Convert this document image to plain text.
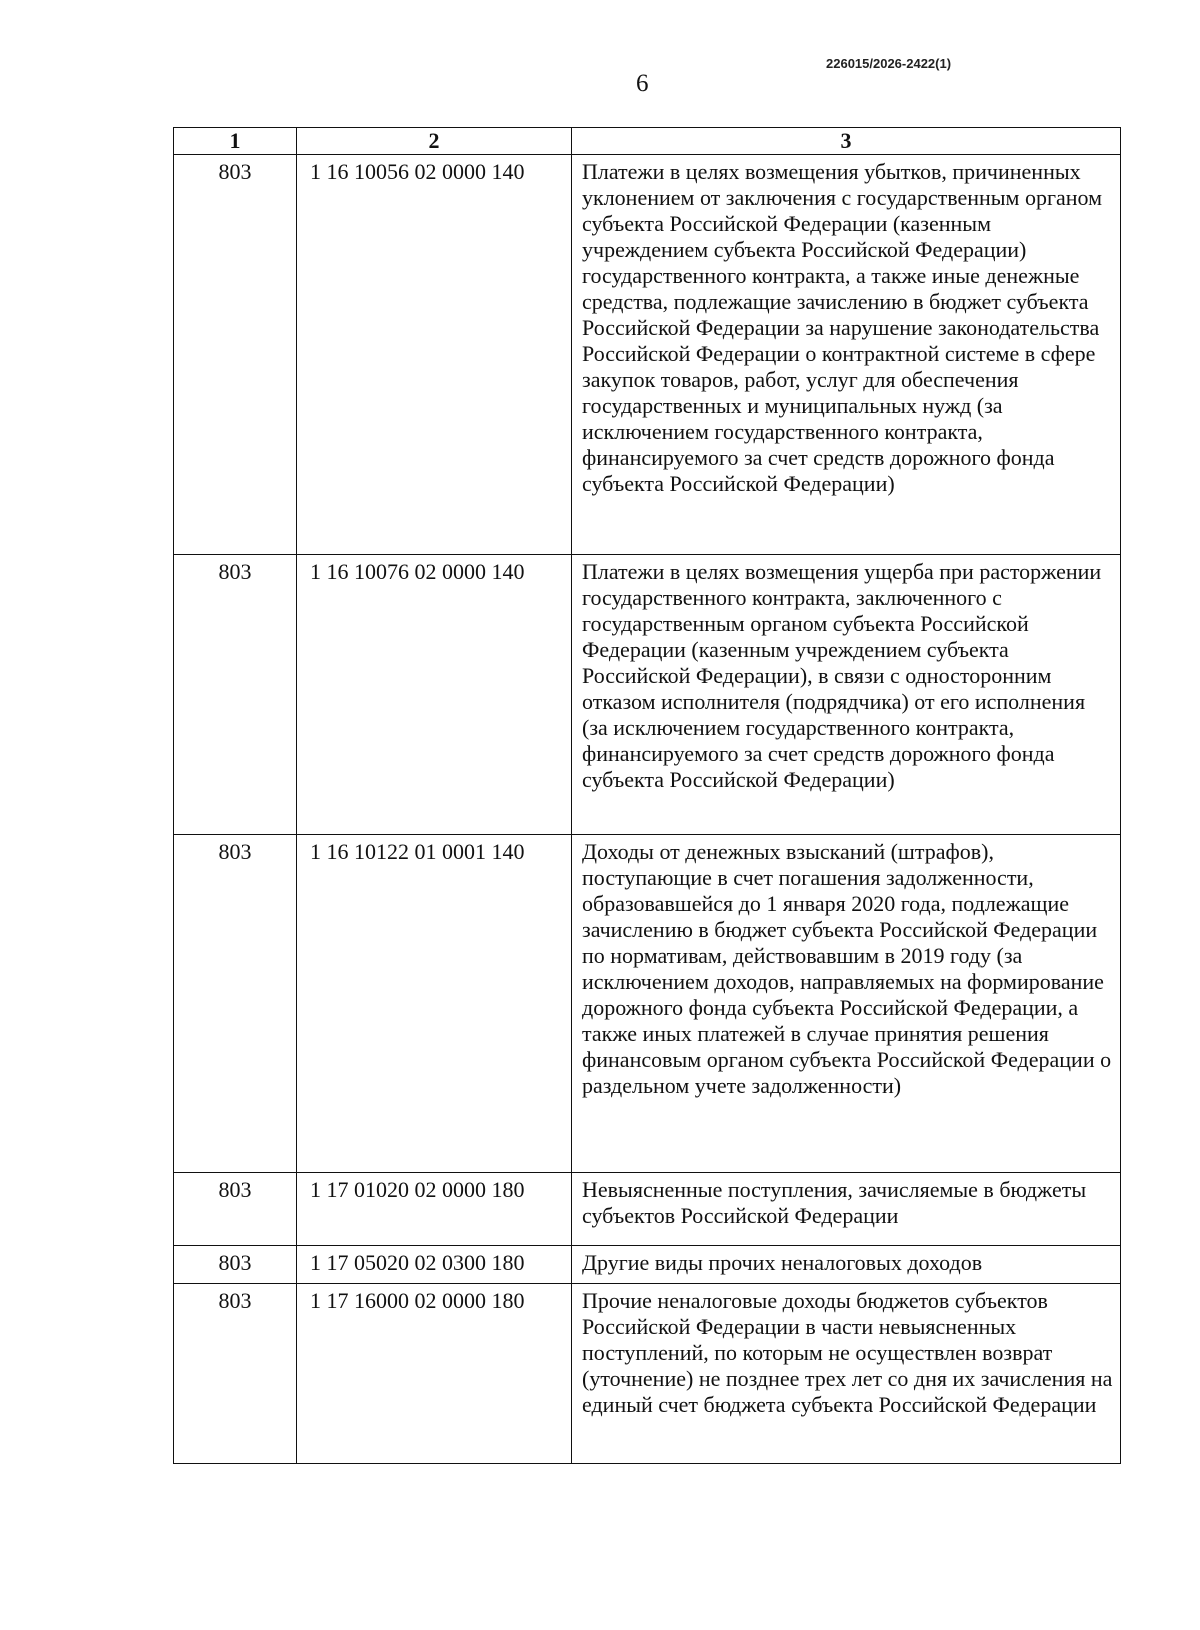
226015/2026-2422(1)
6
1	2	3
803	1 16 10056 02 0000 140	Платежи в целях возмещения убытков, причиненных уклонением от заключения с государственным органом субъекта Российской Федерации (казенным учреждением субъекта Российской Федерации) государственного контракта, а также иные денежные средства, подлежащие зачислению в бюджет субъекта Российской Федерации за нарушение законодательства Российской Федерации о контрактной системе в сфере закупок товаров, работ, услуг для обеспечения государственных и муниципальных нужд (за исключением государственного контракта, финансируемого за счет средств дорожного фонда субъекта Российской Федерации)
803	1 16 10076 02 0000 140	Платежи в целях возмещения ущерба при расторжении государственного контракта, заключенного с государственным органом субъекта Российской Федерации (казенным учреждением субъекта Российской Федерации), в связи с односторонним отказом исполнителя (подрядчика) от его исполнения (за исключением государственного контракта, финансируемого за счет средств дорожного фонда субъекта Российской Федерации)
803	1 16 10122 01 0001 140	Доходы от денежных взысканий (штрафов), поступающие в счет погашения задолженности, образовавшейся до 1 января 2020 года, подлежащие зачислению в бюджет субъекта Российской Федерации по нормативам, действовавшим в 2019 году (за исключением доходов, направляемых на формирование дорожного фонда субъекта Российской Федерации, а также иных платежей в случае принятия решения финансовым органом субъекта Российской Федерации о раздельном учете задолженности)
803	1 17 01020 02 0000 180	Невыясненные поступления, зачисляемые в бюджеты субъектов Российской Федерации
803	1 17 05020 02 0300 180	Другие виды прочих неналоговых доходов
803	1 17 16000 02 0000 180	Прочие неналоговые доходы бюджетов субъектов Российской Федерации в части невыясненных поступлений, по которым не осуществлен возврат (уточнение) не позднее трех лет со дня их зачисления на единый счет бюджета субъекта Российской Федерации
